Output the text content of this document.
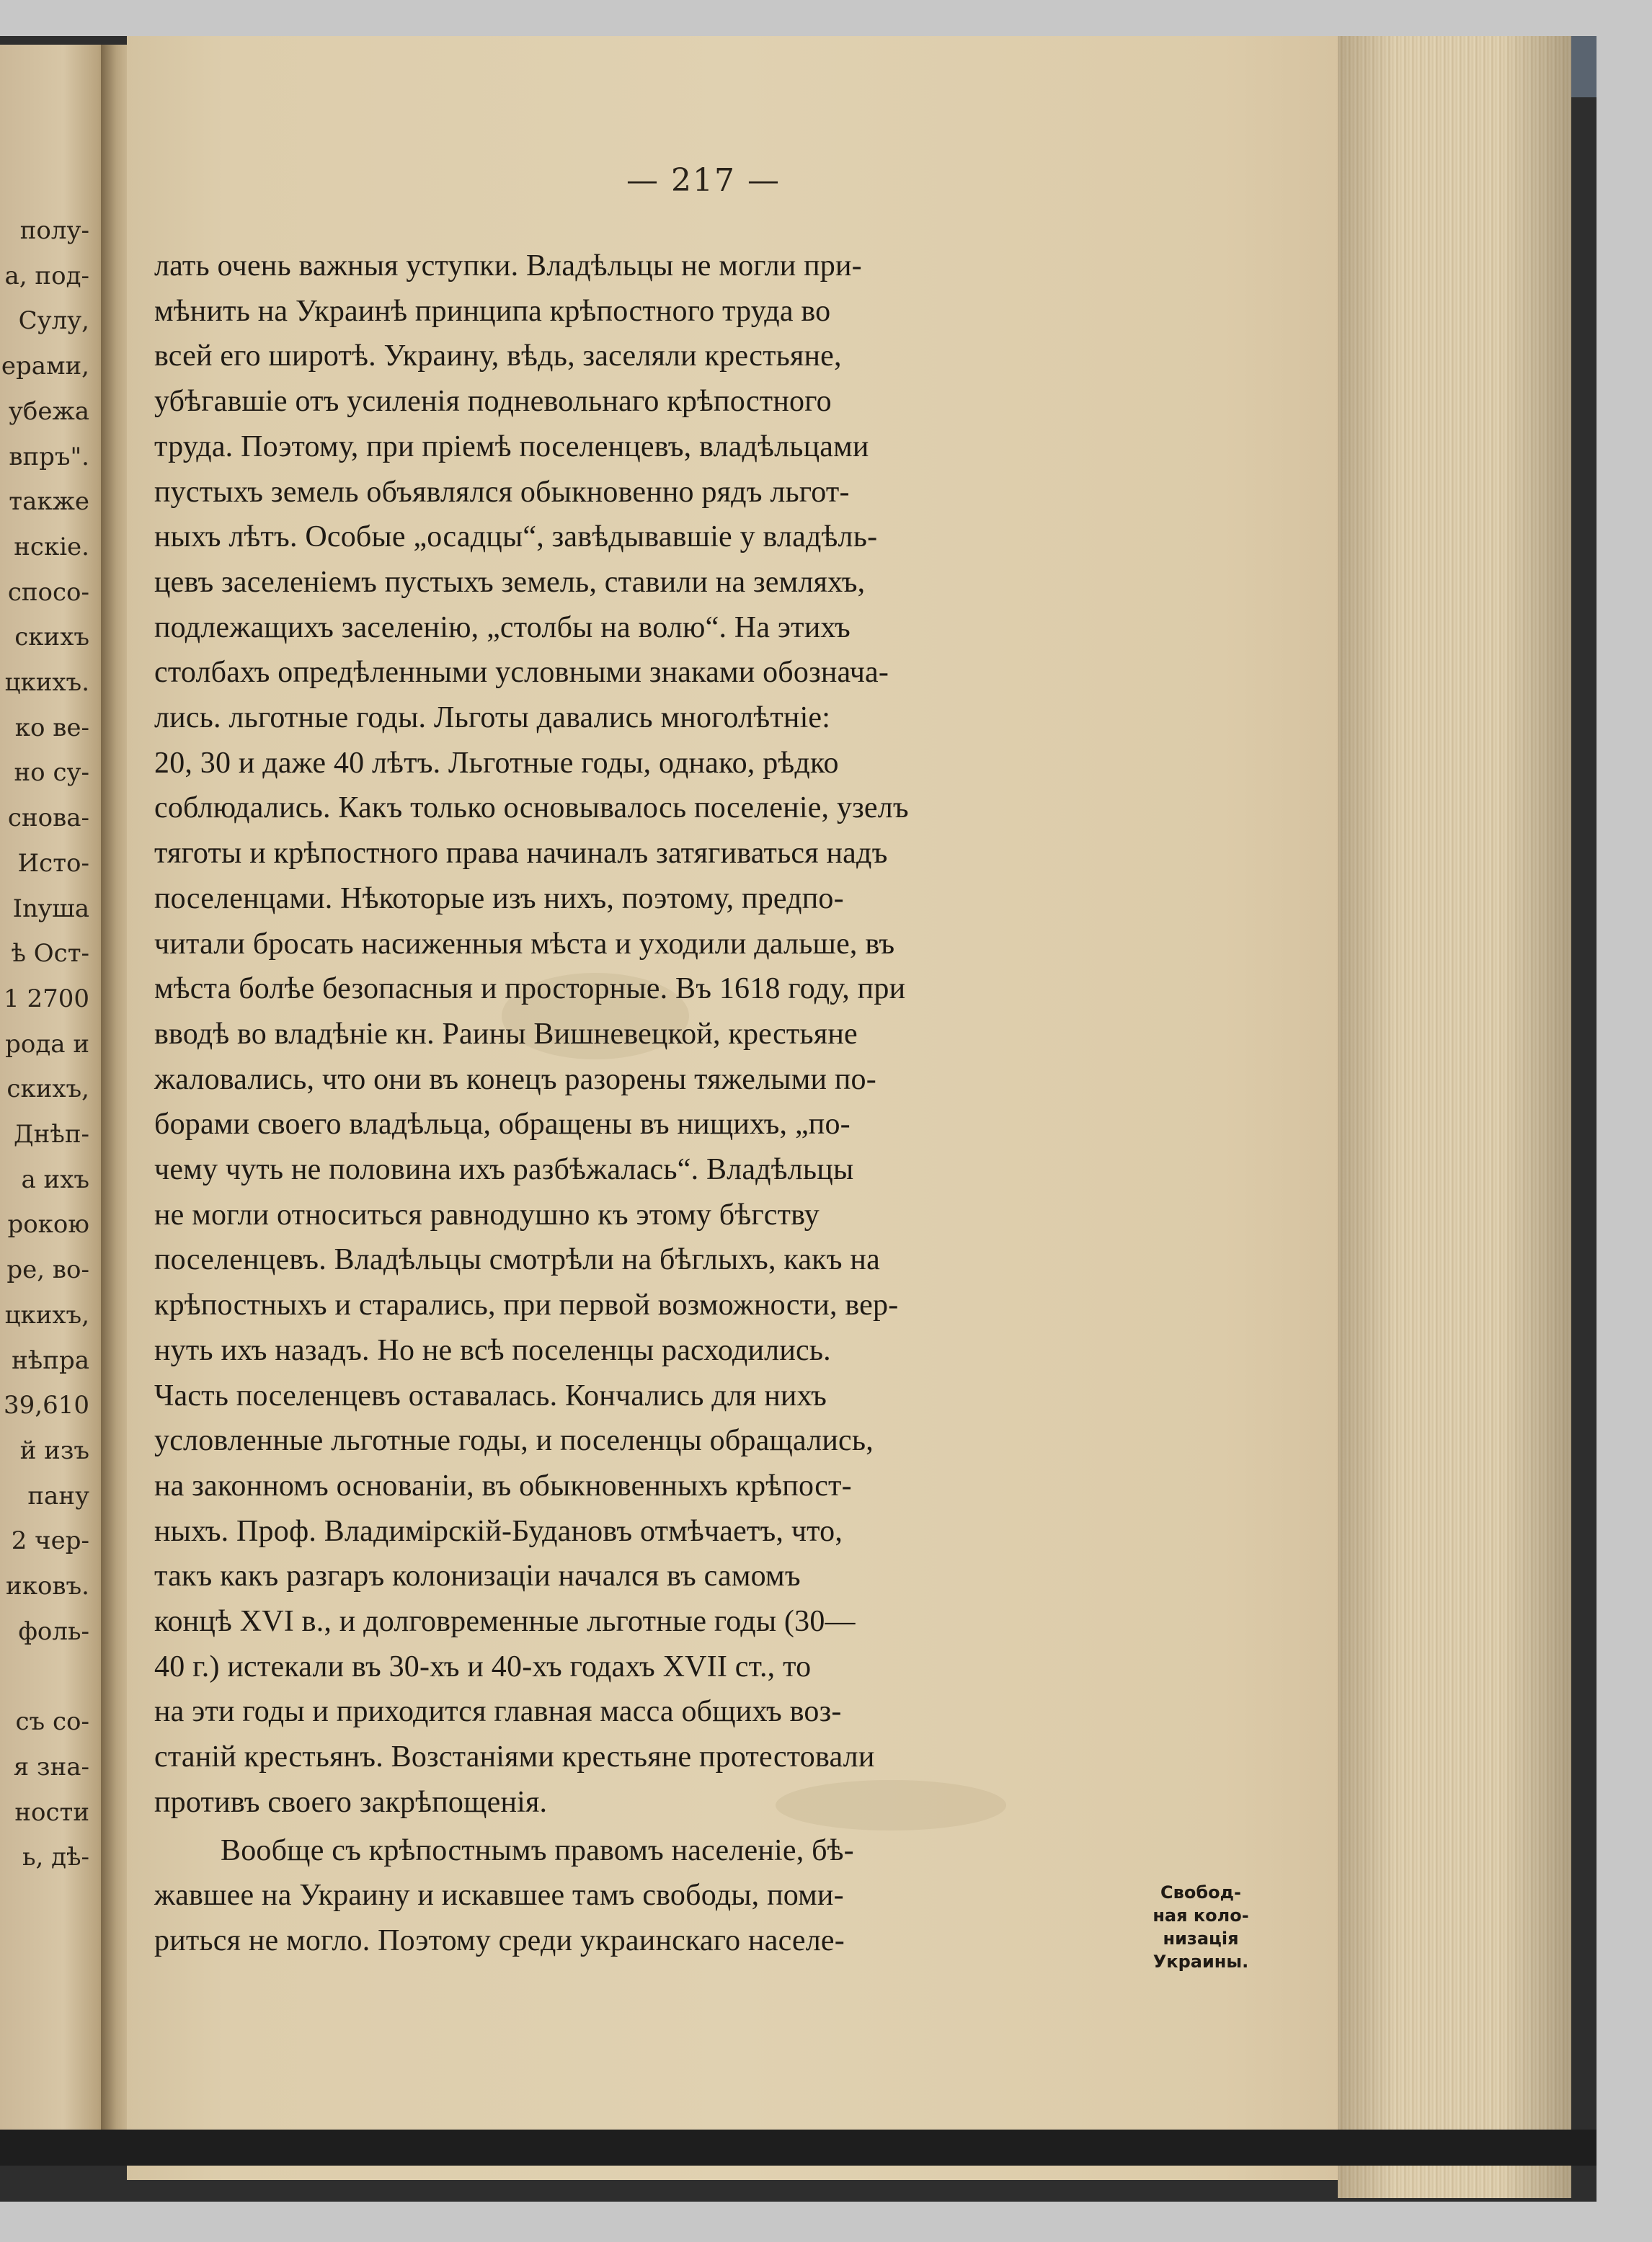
полу-
а, под-
Сулу,
ерами,
убежа
впръ".
также
нскіе.
спосо-
скихъ
цкихъ.
ко ве-
но су-
снова-
Исто-
Inyша
ѣ Ост-
1 2700
рода и
скихъ,
Днѣп-
а ихъ
рокою
ре, во-
цкихъ,
нѣпра
39,610
й изъ
пану
2 чер-
иковъ.
фоль-
съ со-
я зна-
ности
ь, дѣ-
— 217 —
лать очень важныя уступки. Владѣльцы не могли при-
мѣнить на Украинѣ принципа крѣпостного труда во
всей его широтѣ. Украину, вѣдь, заселяли крестьяне,
убѣгавшіе отъ усиленія подневольнаго крѣпостного
труда. Поэтому, при пріемѣ поселенцевъ, владѣльцами
пустыхъ земель объявлялся обыкновенно рядъ льгот-
ныхъ лѣтъ. Особые „осадцы“, завѣдывавшіе у владѣль-
цевъ заселеніемъ пустыхъ земель, ставили на земляхъ,
подлежащихъ заселенію, „столбы на волю“. На этихъ
столбахъ опредѣленными условными знаками обознача-
лись. льготные годы. Льготы давались многолѣтніе:
20, 30 и даже 40 лѣтъ. Льготные годы, однако, рѣдко
соблюдались. Какъ только основывалось поселеніе, узелъ
тяготы и крѣпостного права начиналъ затягиваться надъ
поселенцами. Нѣкоторые изъ нихъ, поэтому, предпо-
читали бросать насиженныя мѣста и уходили дальше, въ
мѣста болѣе безопасныя и просторные. Въ 1618 году, при
вводѣ во владѣніе кн. Раины Вишневецкой, крестьяне
жаловались, что они въ конецъ разорены тяжелыми по-
борами своего владѣльца, обращены въ нищихъ, „по-
чему чуть не половина ихъ разбѣжалась“. Владѣльцы
не могли относиться равнодушно къ этому бѣгству
поселенцевъ. Владѣльцы смотрѣли на бѣглыхъ, какъ на
крѣпостныхъ и старались, при первой возможности, вер-
нуть ихъ назадъ. Но не всѣ поселенцы расходились.
Часть поселенцевъ оставалась. Кончались для нихъ
условленные льготные годы, и поселенцы обращались,
на законномъ основаніи, въ обыкновенныхъ крѣпост-
ныхъ. Проф. Владимірскій-Будановъ отмѣчаетъ, что,
такъ какъ разгаръ колонизаціи начался въ самомъ
концѣ XVI в., и долговременные льготные годы (30—
40 г.) истекали въ 30-хъ и 40-хъ годахъ XVII ст., то
на эти годы и приходится главная масса общихъ воз-
станій крестьянъ. Возстаніями крестьяне протестовали
противъ своего закрѣпощенія.
Вообще съ крѣпостнымъ правомъ населеніе, бѣ-
жавшее на Украину и искавшее тамъ свободы, поми-
риться не могло. Поэтому среди украинскаго населе-
Свобод-
ная коло-
низація
Украины.
